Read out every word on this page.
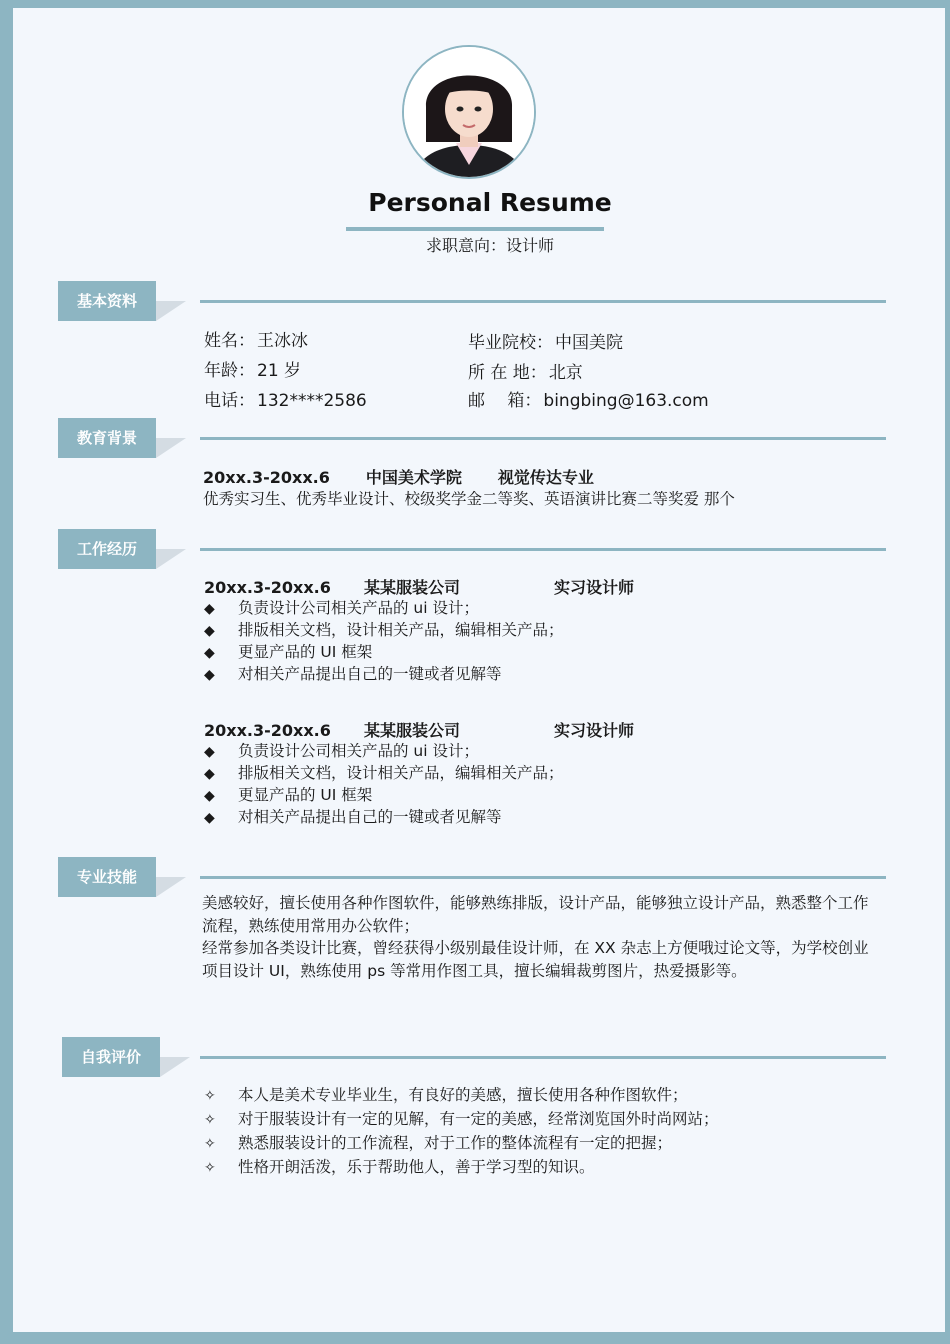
Personal Resume
求职意向：设计师
基本资料
姓名： 王冰冰
年龄： 21 岁
电话： 132****2586
毕业院校： 中国美院
所 在 地： 北京
邮　 箱： bingbing@163.com
教育背景
20xx.3-20xx.6 中国美术学院 视觉传达专业
优秀实习生、优秀毕业设计、校级奖学金二等奖、英语演讲比赛二等奖爱 那个
工作经历
20xx.3-20xx.6 某某服装公司	实习设计师
◆ 负责设计公司相关产品的 ui 设计；
◆ 排版相关文档，设计相关产品，编辑相关产品；
◆ 更显产品的 UI 框架
◆ 对相关产品提出自己的一键或者见解等
20xx.3-20xx.6 某某服装公司	实习设计师
◆ 负责设计公司相关产品的 ui 设计；
◆ 排版相关文档，设计相关产品，编辑相关产品；
◆ 更显产品的 UI 框架
◆ 对相关产品提出自己的一键或者见解等
专业技能

美感较好，擅长使用各种作图软件，能够熟练排版，设计产品，能够独立设计产品，熟悉整个工作流程，熟练使用常用办公软件；

经常参加各类设计比赛，曾经获得小级别最佳设计师，在 XX 杂志上方便哦过论文等，为学校创业项目设计 UI，熟练使用 ps 等常用作图工具，擅长编辑裁剪图片，热爱摄影等。

自我评价
✧ 本人是美术专业毕业生，有良好的美感，擅长使用各种作图软件；
✧ 对于服装设计有一定的见解，有一定的美感，经常浏览国外时尚网站；
✧ 熟悉服装设计的工作流程，对于工作的整体流程有一定的把握；
✧ 性格开朗活泼，乐于帮助他人，善于学习型的知识。
